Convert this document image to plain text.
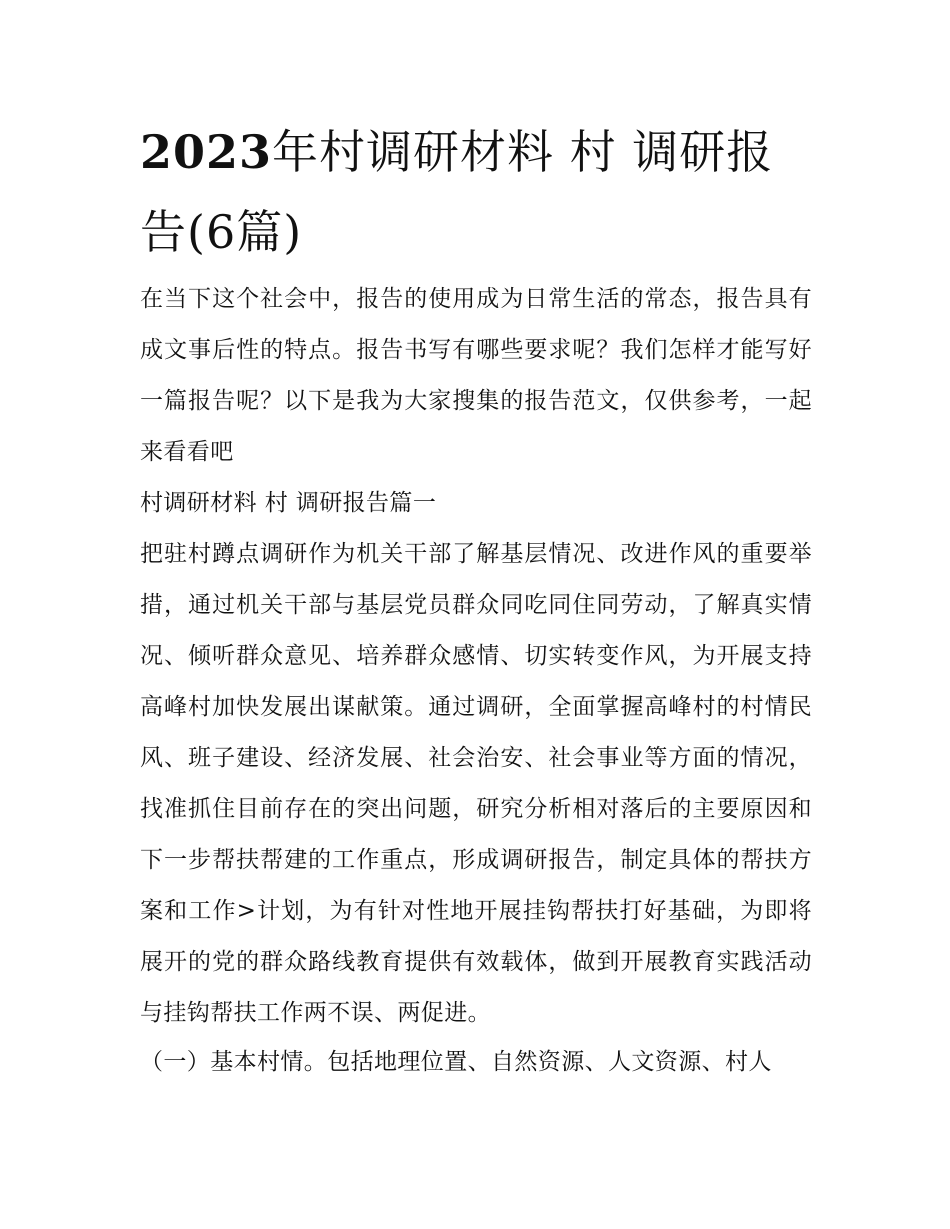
2023年村调研材料 村 调研报告(6篇)

在当下这个社会中，报告的使用成为日常生活的常态，报告具有成文事后性的特点。报告书写有哪些要求呢？我们怎样才能写好一篇报告呢？以下是我为大家搜集的报告范文，仅供参考，一起来看看吧

村调研材料 村 调研报告篇一

把驻村蹲点调研作为机关干部了解基层情况、改进作风的重要举措，通过机关干部与基层党员群众同吃同住同劳动，了解真实情况、倾听群众意见、培养群众感情、切实转变作风，为开展支持高峰村加快发展出谋献策。通过调研，全面掌握高峰村的村情民风、班子建设、经济发展、社会治安、社会事业等方面的情况，找准抓住目前存在的突出问题，研究分析相对落后的主要原因和下一步帮扶帮建的工作重点，形成调研报告，制定具体的帮扶方案和工作>计划，为有针对性地开展挂钩帮扶打好基础，为即将展开的党的群众路线教育提供有效载体，做到开展教育实践活动与挂钩帮扶工作两不误、两促进。

（一）基本村情。包括地理位置、自然资源、人文资源、村人
